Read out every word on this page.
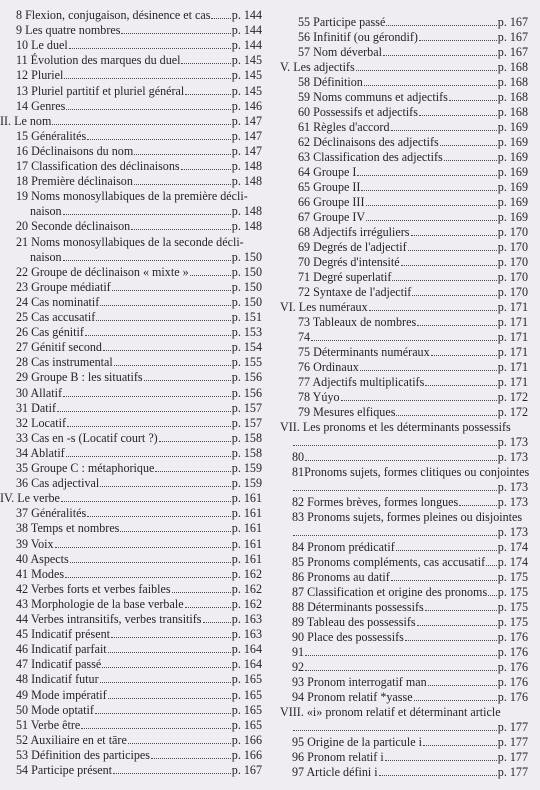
8 Flexion, conjugaison, désinence et cas p. 144
9 Les quatre nombres	p. 144
10 Le duel	p. 144
11 Évolution des marques du duel	p. 145
12 Pluriel	p. 145
13 Pluriel partitif et pluriel général	p. 145
14 Genres	p. 146
II. Le nom	p. 147
15 Généralités	p. 147
16 Déclinaisons du nom	p. 147
17 Classification des déclinaisons	p. 148
18 Première déclinaison	p. 148
19 Noms monosyllabiques de la première décli-
naison	p. 148
20 Seconde déclinaison	p. 148
21 Noms monosyllabiques de la seconde décli-
naison	p. 150
22 Groupe de déclinaison « mixte »	p. 150
23 Groupe médiatif	p. 150
24 Cas nominatif	p. 150
25 Cas accusatif	p. 151
26 Cas génitif	p. 153
27 Génitif second	p. 154
28 Cas instrumental	p. 155
29 Groupe B : les situatifs	p. 156
30 Allatif	p. 156
31 Datif	p. 157
32 Locatif	p. 157
33 Cas en -s (Locatif court ?)	p. 158
34 Ablatif	p. 158
35 Groupe C : métaphorique	p. 159
36 Cas adjectival	p. 159
IV. Le verbe	p. 161
37 Généralités	p. 161
38 Temps et nombres	p. 161
39 Voix	p. 161
40 Aspects	p. 161
41 Modes	p. 162
42 Verbes forts et verbes faibles	p. 162
43 Morphologie de la base verbale	p. 162
44 Verbes intransitifs, verbes transitifs	p. 163
45 Indicatif présent	p. 163
46 Indicatif parfait	p. 164
47 Indicatif passé	p. 164
48 Indicatif futur	p. 165
49 Mode impératif	p. 165
50 Mode optatif	p. 165
51 Verbe être	p. 165
52 Auxiliaire en et tāre	p. 166
53 Définition des participes	p. 166
54 Participe présent	p. 167
55 Participe passé	p. 167
56 Infinitif (ou gérondif)	p. 167
57 Nom déverbal	p. 167
V. Les adjectifs	p. 168
58 Définition	p. 168
59 Noms communs et adjectifs	p. 168
60 Possessifs et adjectifs	p. 168
61 Règles d'accord	p. 169
62 Déclinaisons des adjectifs	p. 169
63 Classification des adjectifs	p. 169
64 Groupe I	p. 169
65 Groupe II	p. 169
66 Groupe III	p. 169
67 Groupe IV	p. 169
68 Adjectifs irréguliers	p. 170
69 Degrés de l'adjectif	p. 170
70 Degrés d'intensité	p. 170
71 Degré superlatif	p. 170
72 Syntaxe de l'adjectif	p. 170
VI. Les numéraux	p. 171
73 Tableaux de nombres	p. 171
74	p. 171
75 Déterminants numéraux	p. 171
76 Ordinaux	p. 171
77 Adjectifs multiplicatifs	p. 171
78 Yúyo	p. 172
79 Mesures elfiques	p. 172
VII. Les pronoms et les déterminants possessifs
p. 173
80	p. 173
81Pronoms sujets, formes clitiques ou conjointes
p. 173
82 Formes brèves, formes longues	p. 173
83 Pronoms sujets, formes pleines ou disjointes
p. 173
84 Pronom prédicatif	p. 174
85 Pronoms compléments, cas accusatif p. 174
86 Pronoms au datif	p. 175
87 Classification et origine des pronoms p. 175
88 Déterminants possessifs	p. 175
89 Tableau des possessifs	p. 175
90 Place des possessifs	p. 176
91	p. 176
92	p. 176
93 Pronom interrogatif man	p. 176
94 Pronom relatif *yasse	p. 176
VIII. «i» pronom relatif et déterminant article
p. 177
95 Origine de la particule i	p. 177
96 Pronom relatif i	p. 177
97 Article défini i	p. 177
